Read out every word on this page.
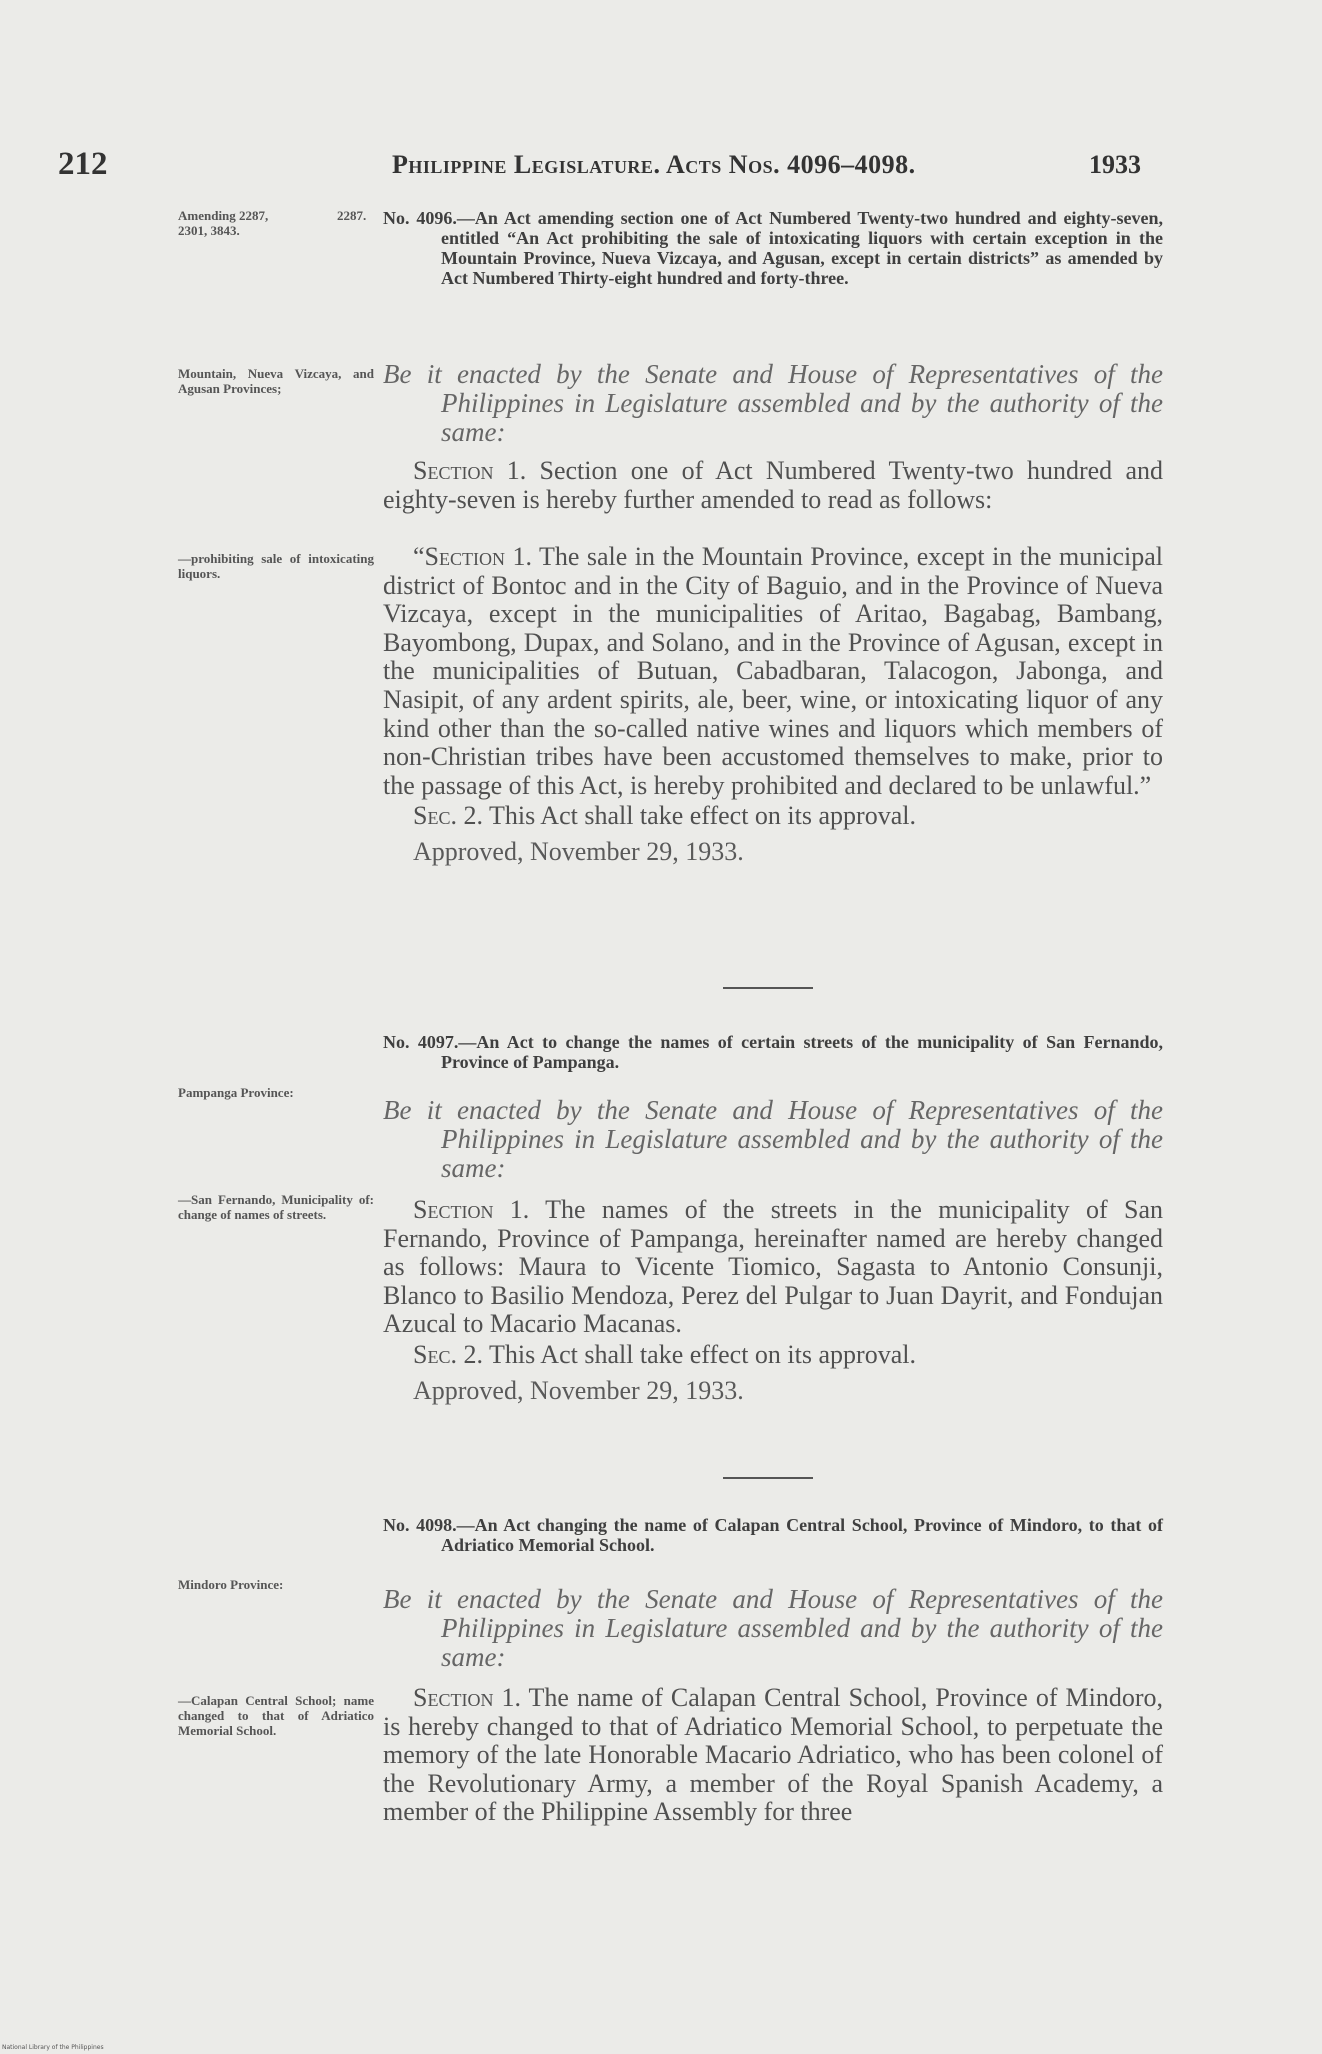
212	Philippine Legislature. Acts Nos. 4096–4098.	1933
Amending 2287, 2301, 3843.
2287. No. 4096.—An Act amending section one of Act Numbered Twenty-two hundred and eighty-seven, entitled “An Act prohibiting the sale of intoxicating liquors with certain exception in the Mountain Province, Nueva Vizcaya, and Agusan, except in certain districts” as amended by Act Numbered Thirty-eight hundred and forty-three.

Mountain, Nueva Vizcaya, and Agusan Provinces;	Be it enacted by the Senate and House of Representatives of the Philippines in Legislature assembled and by the authority of the same:

Section 1. Section one of Act Numbered Twenty-two hundred and eighty-seven is hereby further amended to read as follows:

—prohibiting sale of intoxicating liquors.

“Section 1. The sale in the Mountain Province, except in the municipal district of Bontoc and in the City of Baguio, and in the Province of Nueva Vizcaya, except in the municipalities of Aritao, Bagabag, Bambang, Bayombong, Dupax, and Solano, and in the Province of Agusan, except in the municipalities of Butuan, Cabadbaran, Talacogon, Jabonga, and Nasipit, of any ardent spirits, ale, beer, wine, or intoxicating liquor of any kind other than the so-called native wines and liquors which members of non-Christian tribes have been accustomed themselves to make, prior to the passage of this Act, is hereby prohibited and declared to be unlawful.”

Sec. 2. This Act shall take effect on its approval.

Approved, November 29, 1933.

No. 4097.—An Act to change the names of certain streets of the municipality of San Fernando, Province of Pampanga.

Pampanga Province:

Be it enacted by the Senate and House of Representatives of the Philippines in Legislature assembled and by the authority of the same:

—San Fernando, Municipality of: change of names of streets.	Section 1. The names of the streets in the municipality of San Fernando, Province of Pampanga, hereinafter named are hereby changed as follows: Maura to Vicente Tiomico, Sagasta to Antonio Consunji, Blanco to Basilio Mendoza, Perez del Pulgar to Juan Dayrit, and Fondujan Azucal to Macario Macanas.

Sec. 2. This Act shall take effect on its approval.

Approved, November 29, 1933.

No. 4098.—An Act changing the name of Calapan Central School, Province of Mindoro, to that of Adriatico Memorial School.

Mindoro Province:	Be it enacted by the Senate and House of Representatives of the Philippines in Legislature assembled and by the authority of the same:

—Calapan Central School; name changed to that of Adriatico Memorial School.

Section 1. The name of Calapan Central School, Province of Mindoro, is hereby changed to that of Adriatico Memorial School, to perpetuate the memory of the late Honorable Macario Adriatico, who has been colonel of the Revolutionary Army, a member of the Royal Spanish Academy, a member of the Philippine Assembly for three

National Library of the Philippines
